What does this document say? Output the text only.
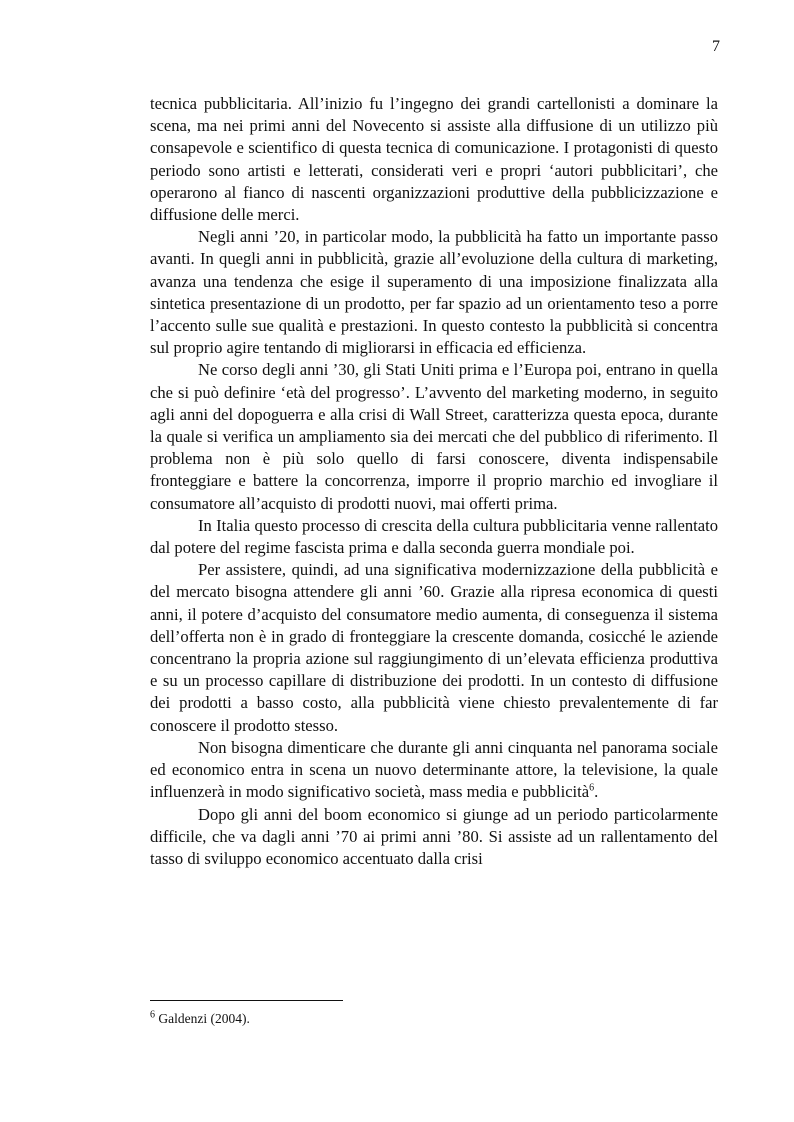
7

tecnica pubblicitaria. All’inizio fu l’ingegno dei grandi cartellonisti a dominare la scena, ma nei primi anni del Novecento si assiste alla diffusione di un utilizzo più consapevole e scientifico di questa tecnica di comunicazione. I protagonisti di questo periodo sono artisti e letterati, considerati veri e propri ‘autori pubblicitari’, che operarono al fianco di nascenti organizzazioni produttive della pubblicizzazione e diffusione delle merci.

Negli anni ’20, in particolar modo, la pubblicità ha fatto un importante passo avanti. In quegli anni in pubblicità, grazie all’evoluzione della cultura di marketing, avanza una tendenza che esige il superamento di una imposizione finalizzata alla sintetica presentazione di un prodotto, per far spazio ad un orientamento teso a porre l’accento sulle sue qualità e prestazioni. In questo contesto la pubblicità si concentra sul proprio agire tentando di migliorarsi in efficacia ed efficienza.

Ne corso degli anni ’30, gli Stati Uniti prima e l’Europa poi, entrano in quella che si può definire ‘età del progresso’. L’avvento del marketing moderno, in seguito agli anni del dopoguerra e alla crisi di Wall Street, caratterizza questa epoca, durante la quale si verifica un ampliamento sia dei mercati che del pubblico di riferimento. Il problema non è più solo quello di farsi conoscere, diventa indispensabile fronteggiare e battere la concorrenza, imporre il proprio marchio ed invogliare il consumatore all’acquisto di prodotti nuovi, mai offerti prima.

In Italia questo processo di crescita della cultura pubblicitaria venne rallentato dal potere del regime fascista prima e dalla seconda guerra mondiale poi.

Per assistere, quindi, ad una significativa modernizzazione della pubblicità e del mercato bisogna attendere gli anni ’60. Grazie alla ripresa economica di questi anni, il potere d’acquisto del consumatore medio aumenta, di conseguenza il sistema dell’offerta non è in grado di fronteggiare la crescente domanda, cosicché le aziende concentrano la propria azione sul raggiungimento di un’elevata efficienza produttiva e su un processo capillare di distribuzione dei prodotti. In un contesto di diffusione dei prodotti a basso costo, alla pubblicità viene chiesto prevalentemente di far conoscere il prodotto stesso.

Non bisogna dimenticare che durante gli anni cinquanta nel panorama sociale ed economico entra in scena un nuovo determinante attore, la televisione, la quale influenzerà in modo significativo società, mass media e pubblicità$^6$.

Dopo gli anni del boom economico si giunge ad un periodo particolarmente difficile, che va dagli anni ’70 ai primi anni ’80. Si assiste ad un rallentamento del tasso di sviluppo economico accentuato dalla crisi

$^6$ Galdenzi (2004).
